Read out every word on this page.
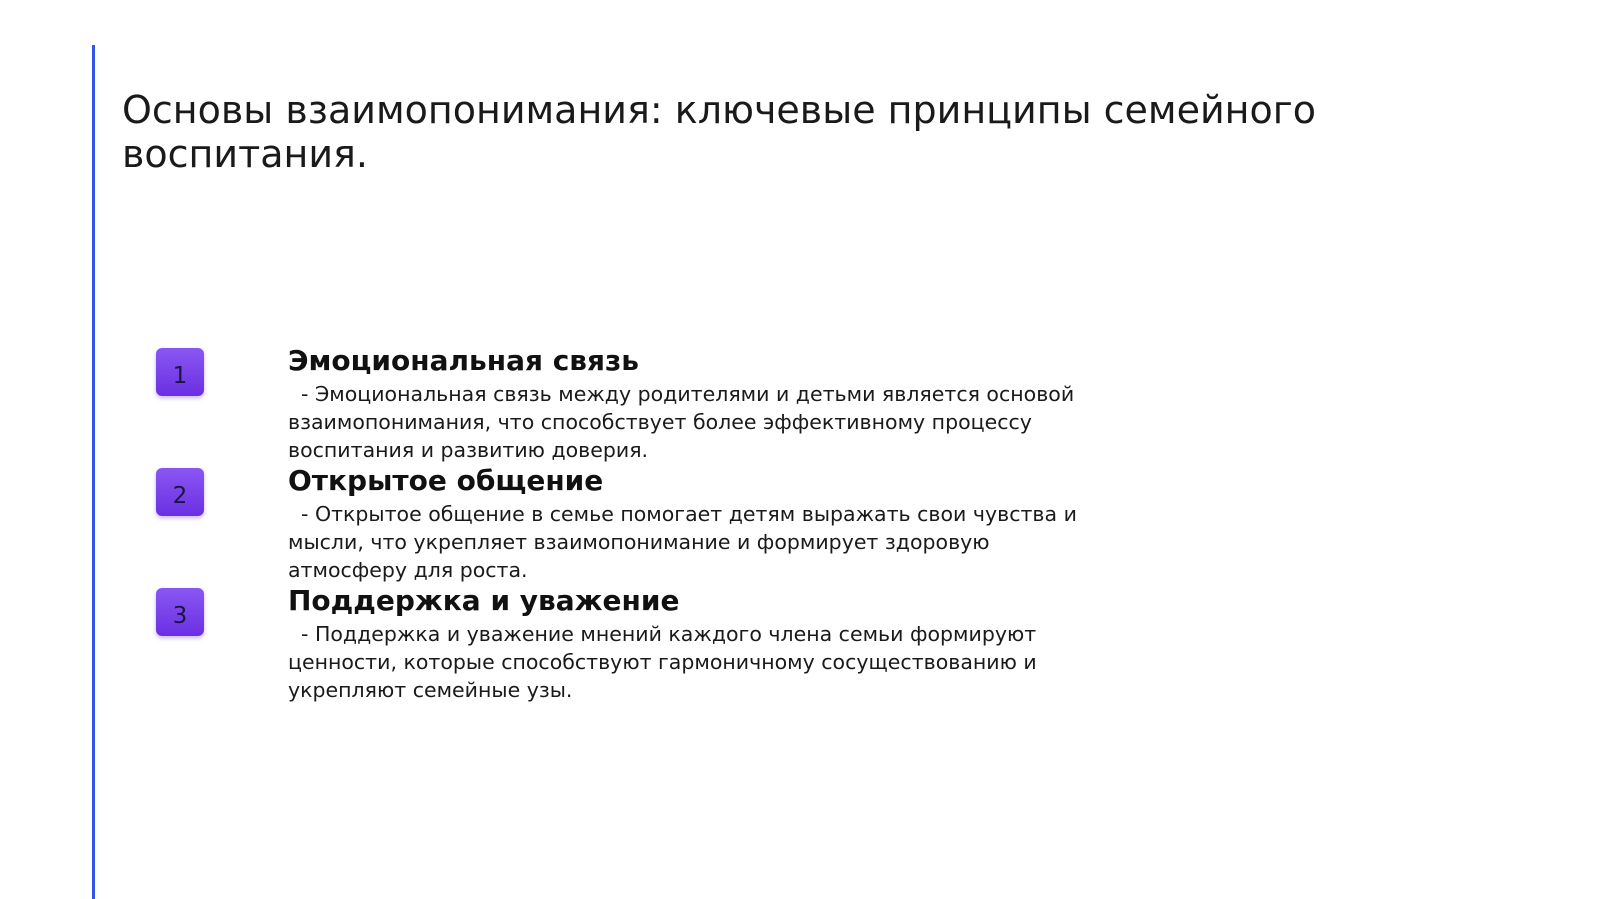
Основы взаимопонимания: ключевые принципы семейного воспитания.
1	Эмоциональная связь

- Эмоциональная связь между родителями и детьми является основой взаимопонимания, что способствует более эффективному процессу воспитания и развитию доверия.

2	Открытое общение

- Открытое общение в семье помогает детям выражать свои чувства и мысли, что укрепляет взаимопонимание и формирует здоровую атмосферу для роста.

3	Поддержка и уважение

- Поддержка и уважение мнений каждого члена семьи формируют ценности, которые способствуют гармоничному сосуществованию и укрепляют семейные узы.
